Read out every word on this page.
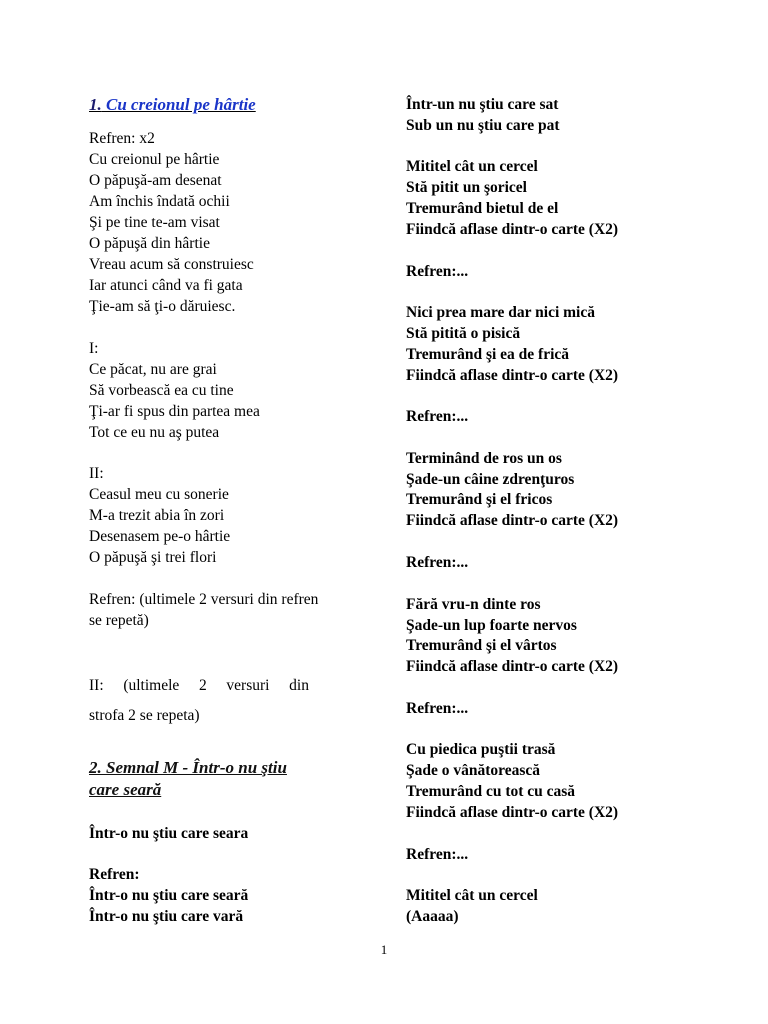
1. Cu creionul pe hârtie
Refren: x2
Cu creionul pe hârtie
O păpuşă-am desenat
Am închis îndată ochii
Şi pe tine te-am visat
O păpuşă din hârtie
Vreau acum să construiesc
Iar atunci când va fi gata
Ţie-am să ţi-o dăruiesc.
I:
Ce păcat, nu are grai
Să vorbească ea cu tine
Ţi-ar fi spus din partea mea
Tot ce eu nu aş putea
II:
Ceasul meu cu sonerie
M-a trezit abia în zori
Desenasem pe-o hârtie
O păpuşă şi trei flori
Refren: (ultimele 2 versuri din refren
se repetă)
II: (ultimele 2 versuri din
strofa 2 se repeta)
2. Semnal M - Într-o nu ştiu
care seară
Într-o nu ştiu care seara
Refren:
Într-o nu ştiu care seară
Într-o nu ştiu care vară
Într-un nu ştiu care sat
Sub un nu ştiu care pat
Mititel cât un cercel
Stă pitit un şoricel
Tremurând bietul de el
Fiindcă aflase dintr-o carte (X2)
Refren:...
Nici prea mare dar nici mică
Stă pitită o pisică
Tremurând şi ea de frică
Fiindcă aflase dintr-o carte (X2)
Refren:...
Terminând de ros un os
Şade-un câine zdrenţuros
Tremurând şi el fricos
Fiindcă aflase dintr-o carte (X2)
Refren:...
Fără vru-n dinte ros
Şade-un lup foarte nervos
Tremurând şi el vârtos
Fiindcă aflase dintr-o carte (X2)
Refren:...
Cu piedica puştii trasă
Şade o vânătorească
Tremurând cu tot cu casă
Fiindcă aflase dintr-o carte (X2)
Refren:...
Mititel cât un cercel
(Aaaaa)
1
